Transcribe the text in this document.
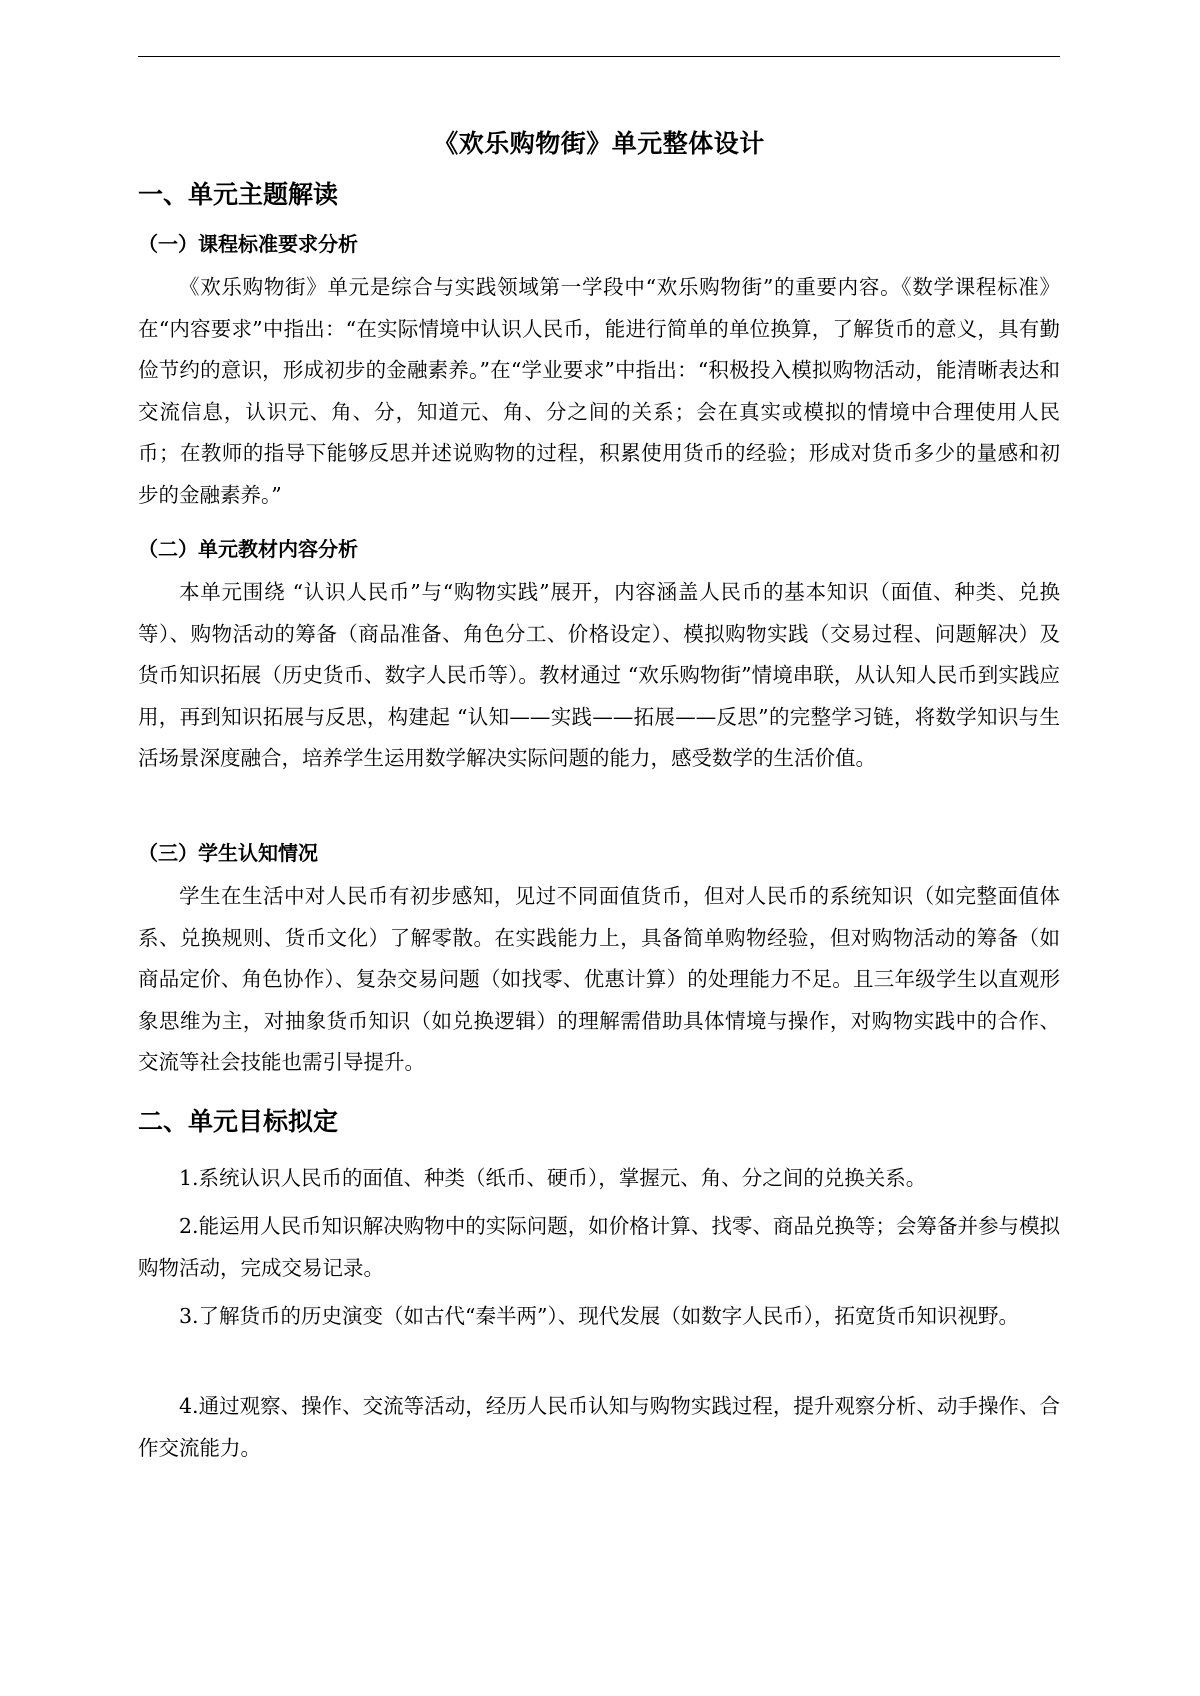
《欢乐购物街》单元整体设计
一、单元主题解读
（一）课程标准要求分析

《欢乐购物街》单元是综合与实践领域第一学段中“欢乐购物街”的重要内容。《数学课程标准》在“内容要求”中指出：“在实际情境中认识人民币，能进行简单的单位换算，了解货币的意义，具有勤俭节约的意识，形成初步的金融素养。”在“学业要求”中指出：“积极投入模拟购物活动，能清晰表达和交流信息，认识元、角、分，知道元、角、分之间的关系；会在真实或模拟的情境中合理使用人民币；在教师的指导下能够反思并述说购物的过程，积累使用货币的经验；形成对货币多少的量感和初步的金融素养。”

（二）单元教材内容分析

本单元围绕 “认识人民币”与“购物实践”展开，内容涵盖人民币的基本知识（面值、种类、兑换等）、购物活动的筹备（商品准备、角色分工、价格设定）、模拟购物实践（交易过程、问题解决）及货币知识拓展（历史货币、数字人民币等）。教材通过 “欢乐购物街”情境串联，从认知人民币到实践应用，再到知识拓展与反思，构建起 “认知——实践——拓展——反思”的完整学习链，将数学知识与生活场景深度融合，培养学生运用数学解决实际问题的能力，感受数学的生活价值。

（三）学生认知情况

学生在生活中对人民币有初步感知，见过不同面值货币，但对人民币的系统知识（如完整面值体系、兑换规则、货币文化）了解零散。在实践能力上，具备简单购物经验，但对购物活动的筹备（如商品定价、角色协作）、复杂交易问题（如找零、优惠计算）的处理能力不足。且三年级学生以直观形象思维为主，对抽象货币知识（如兑换逻辑）的理解需借助具体情境与操作，对购物实践中的合作、交流等社会技能也需引导提升。

二、单元目标拟定

1.系统认识人民币的面值、种类（纸币、硬币），掌握元、角、分之间的兑换关系。

2.能运用人民币知识解决购物中的实际问题，如价格计算、找零、商品兑换等；会筹备并参与模拟购物活动，完成交易记录。

3.了解货币的历史演变（如古代“秦半两”）、现代发展（如数字人民币），拓宽货币知识视野。

4.通过观察、操作、交流等活动，经历人民币认知与购物实践过程，提升观察分析、动手操作、合作交流能力。
